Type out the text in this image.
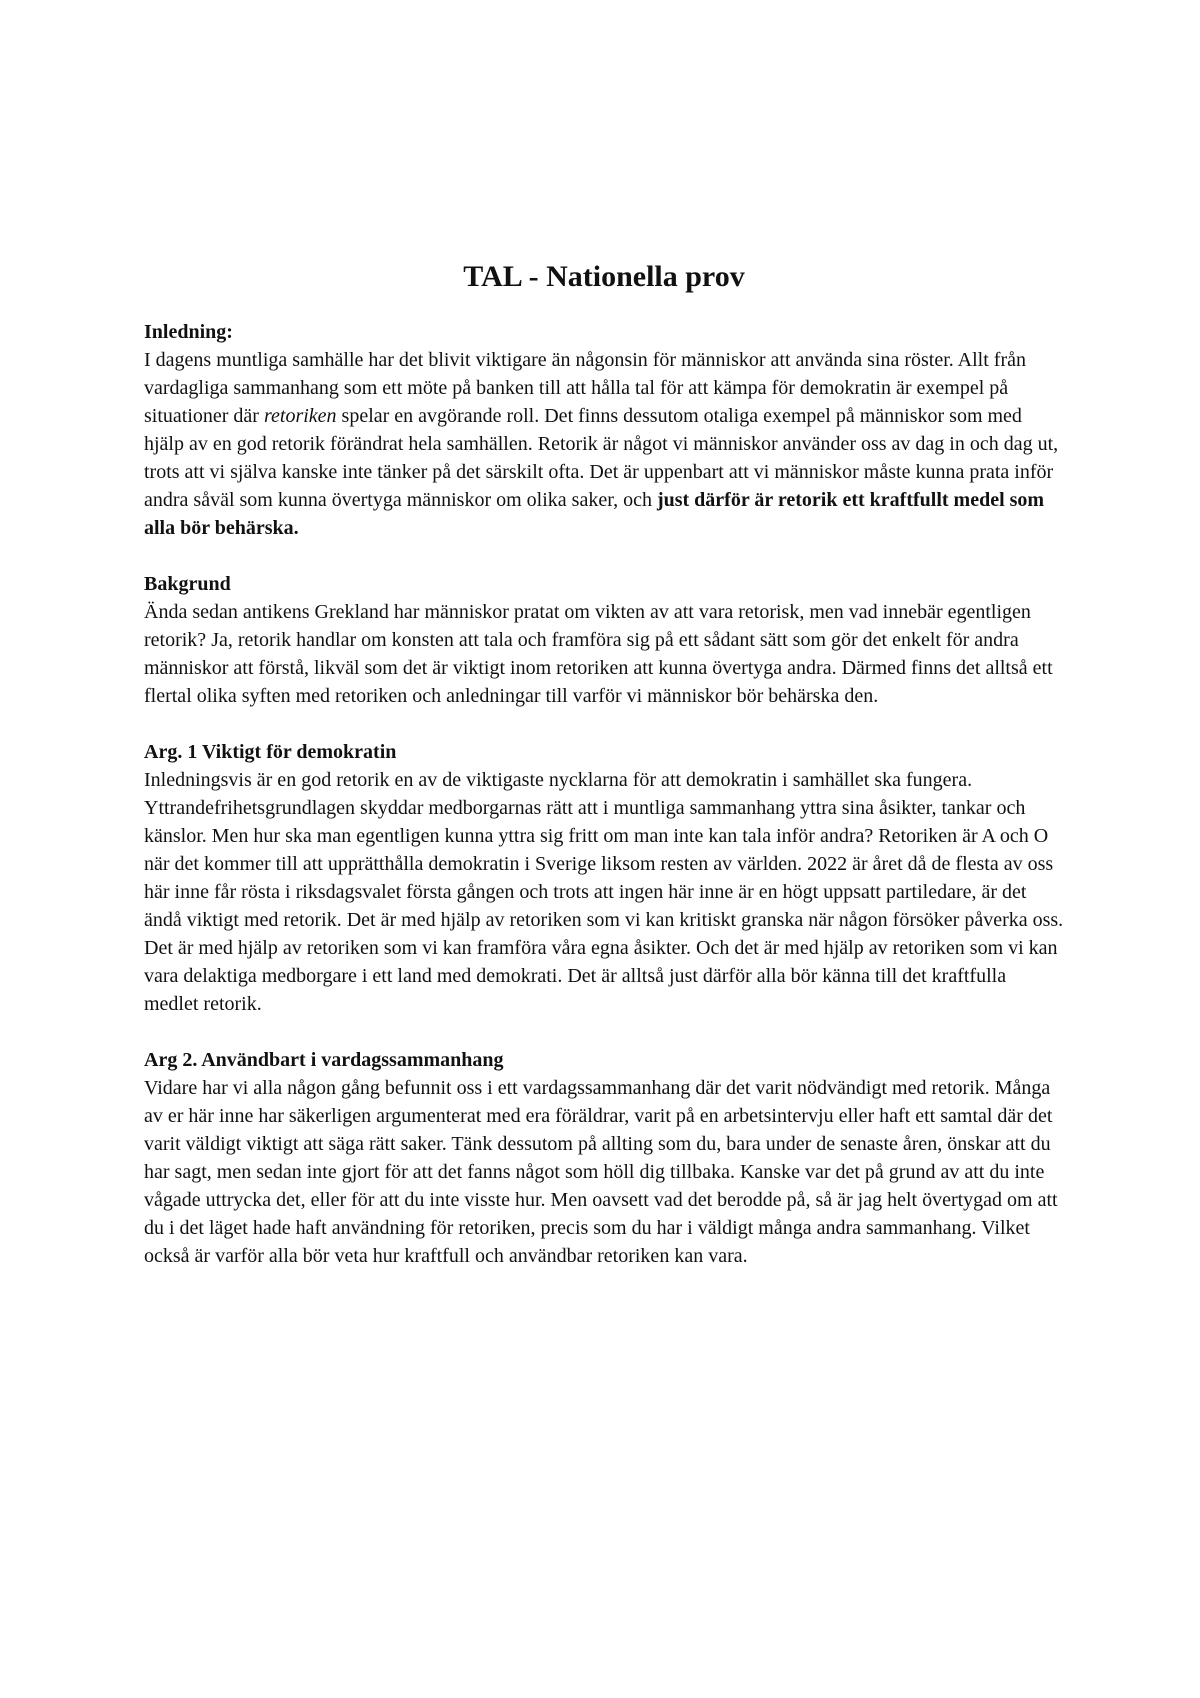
TAL - Nationella prov

Inledning:

I dagens muntliga samhälle har det blivit viktigare än någonsin för människor att använda sina röster. Allt från vardagliga sammanhang som ett möte på banken till att hålla tal för att kämpa för demokratin är exempel på situationer där retoriken spelar en avgörande roll. Det finns dessutom otaliga exempel på människor som med hjälp av en god retorik förändrat hela samhällen. Retorik är något vi människor använder oss av dag in och dag ut, trots att vi själva kanske inte tänker på det särskilt ofta. Det är uppenbart att vi människor måste kunna prata inför andra såväl som kunna övertyga människor om olika saker, och just därför är retorik ett kraftfullt medel som alla bör behärska.

Bakgrund

Ända sedan antikens Grekland har människor pratat om vikten av att vara retorisk, men vad innebär egentligen retorik? Ja, retorik handlar om konsten att tala och framföra sig på ett sådant sätt som gör det enkelt för andra människor att förstå, likväl som det är viktigt inom retoriken att kunna övertyga andra. Därmed finns det alltså ett flertal olika syften med retoriken och anledningar till varför vi människor bör behärska den.

Arg. 1 Viktigt för demokratin

Inledningsvis är en god retorik en av de viktigaste nycklarna för att demokratin i samhället ska fungera. Yttrandefrihetsgrundlagen skyddar medborgarnas rätt att i muntliga sammanhang yttra sina åsikter, tankar och känslor. Men hur ska man egentligen kunna yttra sig fritt om man inte kan tala inför andra? Retoriken är A och O när det kommer till att upprätthålla demokratin i Sverige liksom resten av världen. 2022 är året då de flesta av oss här inne får rösta i riksdagsvalet första gången och trots att ingen här inne är en högt uppsatt partiledare, är det ändå viktigt med retorik. Det är med hjälp av retoriken som vi kan kritiskt granska när någon försöker påverka oss. Det är med hjälp av retoriken som vi kan framföra våra egna åsikter. Och det är med hjälp av retoriken som vi kan vara delaktiga medborgare i ett land med demokrati. Det är alltså just därför alla bör känna till det kraftfulla medlet retorik.

Arg 2. Användbart i vardagssammanhang

Vidare har vi alla någon gång befunnit oss i ett vardagssammanhang där det varit nödvändigt med retorik. Många av er här inne har säkerligen argumenterat med era föräldrar, varit på en arbetsintervju eller haft ett samtal där det varit väldigt viktigt att säga rätt saker. Tänk dessutom på allting som du, bara under de senaste åren, önskar att du har sagt, men sedan inte gjort för att det fanns något som höll dig tillbaka. Kanske var det på grund av att du inte vågade uttrycka det, eller för att du inte visste hur. Men oavsett vad det berodde på, så är jag helt övertygad om att du i det läget hade haft användning för retoriken, precis som du har i väldigt många andra sammanhang. Vilket också är varför alla bör veta hur kraftfull och användbar retoriken kan vara.
